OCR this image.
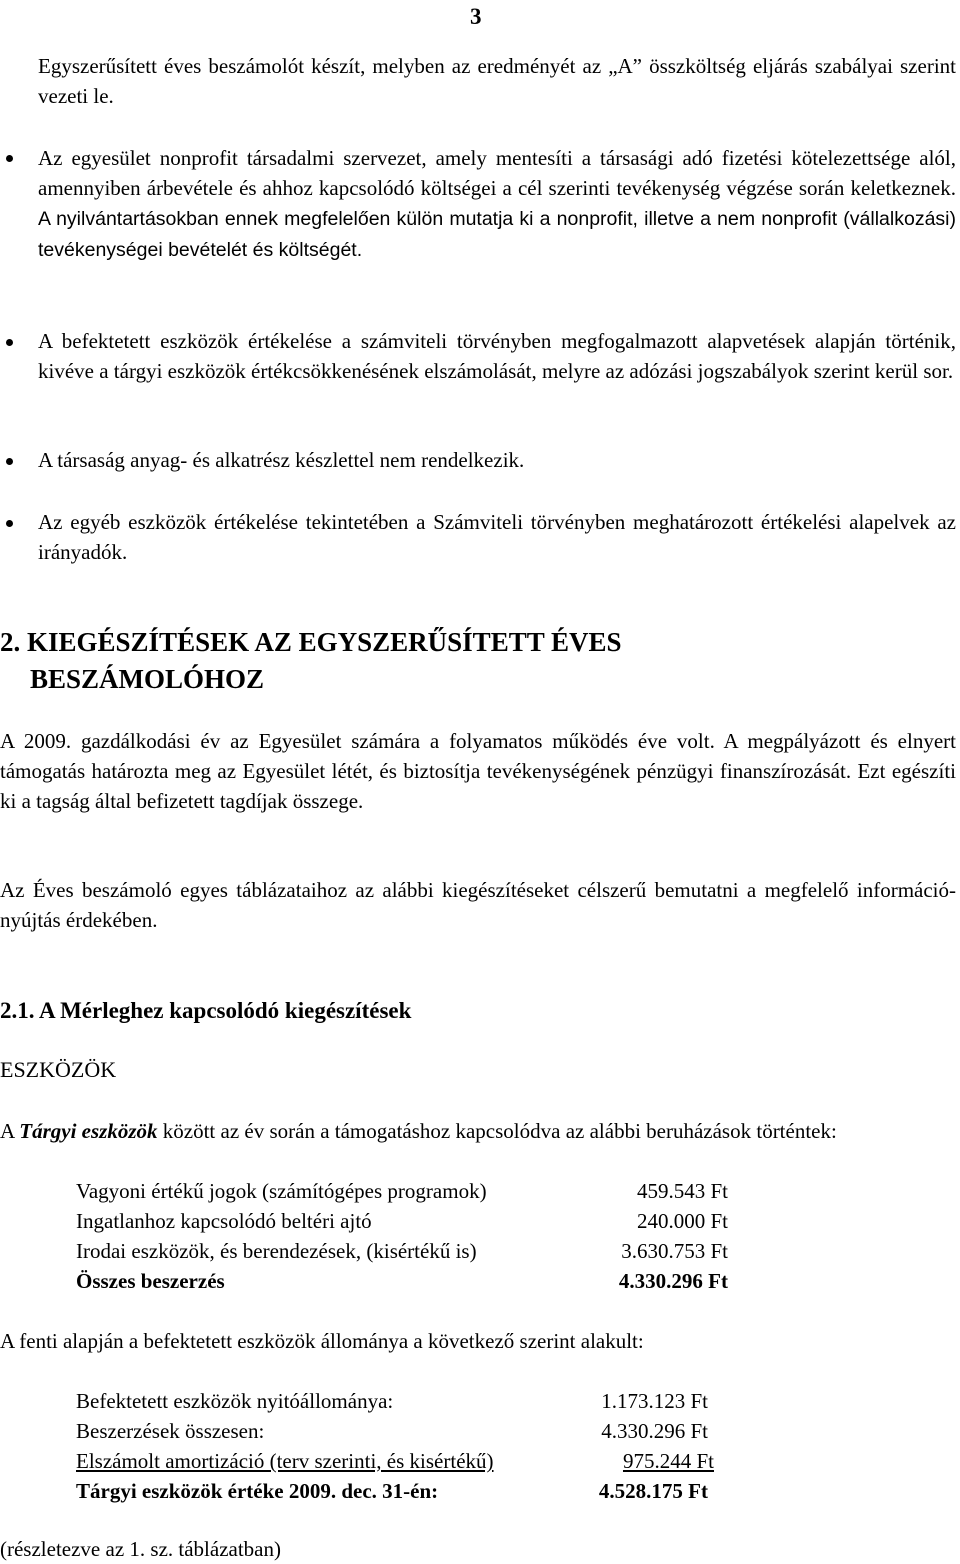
3
Egyszerűsített éves beszámolót készít, melyben az eredményét az „A” összköltség eljárás szabályai szerint vezeti le.
Az egyesület nonprofit társadalmi szervezet, amely mentesíti a társasági adó fizetési kötelezettsége alól, amennyiben árbevétele és ahhoz kapcsolódó költségei a cél szerinti tevékenység végzése során keletkeznek. A nyilvántartásokban ennek megfelelően külön mutatja ki a nonprofit, illetve a nem nonprofit (vállalkozási) tevékenységei bevételét és költségét.
A befektetett eszközök értékelése a számviteli törvényben megfogalmazott alapvetések alapján történik, kivéve a tárgyi eszközök értékcsökkenésének elszámolását, melyre az adózási jogszabályok szerint kerül sor.
A társaság anyag- és alkatrész készlettel nem rendelkezik.
Az egyéb eszközök értékelése tekintetében a Számviteli törvényben meghatározott értékelési alapelvek az irányadók.
2. KIEGÉSZÍTÉSEK AZ EGYSZERŰSÍTETT ÉVES
BESZÁMOLÓHOZ
A 2009. gazdálkodási év az Egyesület számára a folyamatos működés éve volt. A megpályázott és elnyert támogatás határozta meg az Egyesület létét, és biztosítja tevékenységének pénzügyi finanszírozását. Ezt egészíti ki a tagság által befizetett tagdíjak összege.
Az Éves beszámoló egyes táblázataihoz az alábbi kiegészítéseket célszerű bemutatni a megfelelő információ-nyújtás érdekében.
2.1. A Mérleghez kapcsolódó kiegészítések
ESZKÖZÖK
A Tárgyi eszközök között az év során a támogatáshoz kapcsolódva az alábbi beruházások történtek:
Vagyoni értékű jogok (számítógépes programok)	459.543 Ft
Ingatlanhoz kapcsolódó beltéri ajtó	240.000 Ft
Irodai eszközök, és berendezések, (kisértékű is)	3.630.753 Ft
Összes beszerzés	4.330.296 Ft
A fenti alapján a befektetett eszközök állománya a következő szerint alakult:
Befektetett eszközök nyitóállománya:	1.173.123 Ft
Beszerzések összesen:	4.330.296 Ft
Elszámolt amortizáció (terv szerinti, és kisértékű)	975.244 Ft
Tárgyi eszközök értéke 2009. dec. 31-én:	4.528.175 Ft
(részletezve az 1. sz. táblázatban)
